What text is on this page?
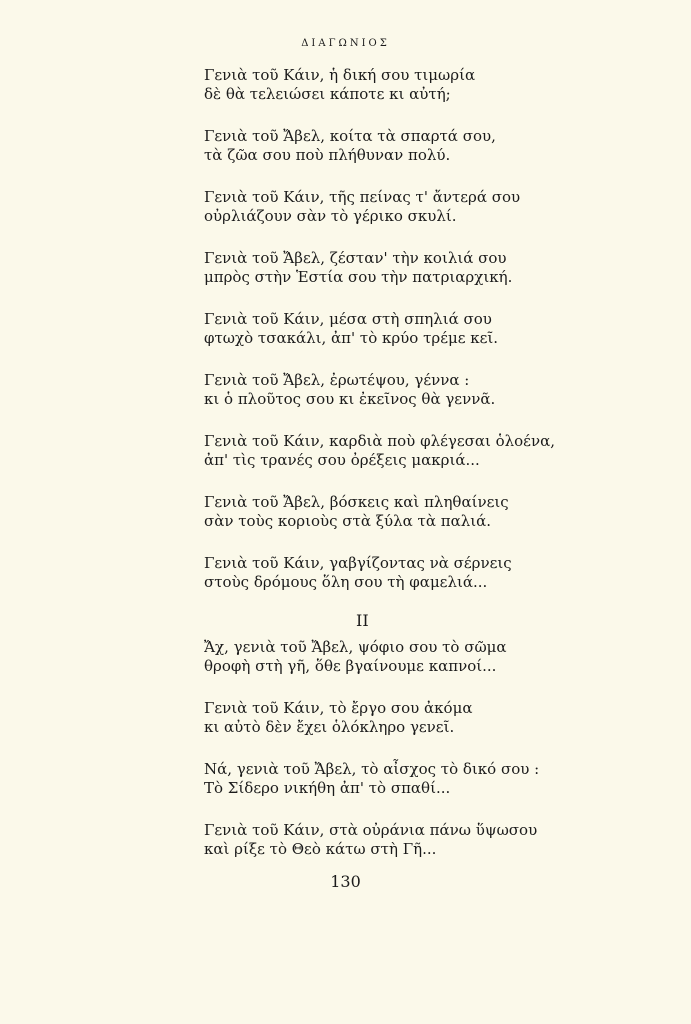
ΔΙΑΓΩΝΙΟΣ
Γενιὰ τοῦ Κάιν, ἡ δική σου τιμωρία
δὲ θὰ τελειώσει κάποτε κι αὐτή;
Γενιὰ τοῦ Ἄβελ, κοίτα τὰ σπαρτά σου,
τὰ ζῶα σου ποὺ πλήθυναν πολύ.
Γενιὰ τοῦ Κάιν, τῆς πείνας τ' ἄντερά σου
οὐρλιάζουν σὰν τὸ γέρικο σκυλί.
Γενιὰ τοῦ Ἄβελ, ζέσταν' τὴν κοιλιά σου
μπρὸς στὴν Ἑστία σου τὴν πατριαρχική.
Γενιὰ τοῦ Κάιν, μέσα στὴ σπηλιά σου
φτωχὸ τσακάλι, ἀπ' τὸ κρύο τρέμε κεῖ.
Γενιὰ τοῦ Ἄβελ, ἐρωτέψου, γέννα :
κι ὁ πλοῦτος σου κι ἐκεῖνος θὰ γεννᾶ.
Γενιὰ τοῦ Κάιν, καρδιὰ ποὺ φλέγεσαι ὁλοένα,
ἀπ' τὶς τρανές σου ὀρέξεις μακριά...
Γενιὰ τοῦ Ἄβελ, βόσκεις καὶ πληθαίνεις
σὰν τοὺς κοριοὺς στὰ ξύλα τὰ παλιά.
Γενιὰ τοῦ Κάιν, γαβγίζοντας νὰ σέρνεις
στοὺς δρόμους ὅλη σου τὴ φαμελιά...
II
Ἄχ, γενιὰ τοῦ Ἄβελ, ψόφιο σου τὸ σῶμα
θροφὴ στὴ γῆ, ὅθε βγαίνουμε καπνοί...
Γενιὰ τοῦ Κάιν, τὸ ἔργο σου ἀκόμα
κι αὐτὸ δὲν ἔχει ὁλόκληρο γενεῖ.
Νά, γενιὰ τοῦ Ἄβελ, τὸ αἶσχος τὸ δικό σου :
Τὸ Σίδερο νικήθη ἀπ' τὸ σπαθί...
Γενιὰ τοῦ Κάιν, στὰ οὐράνια πάνω ὕψωσου
καὶ ρίξε τὸ Θεὸ κάτω στὴ Γῆ...
130
